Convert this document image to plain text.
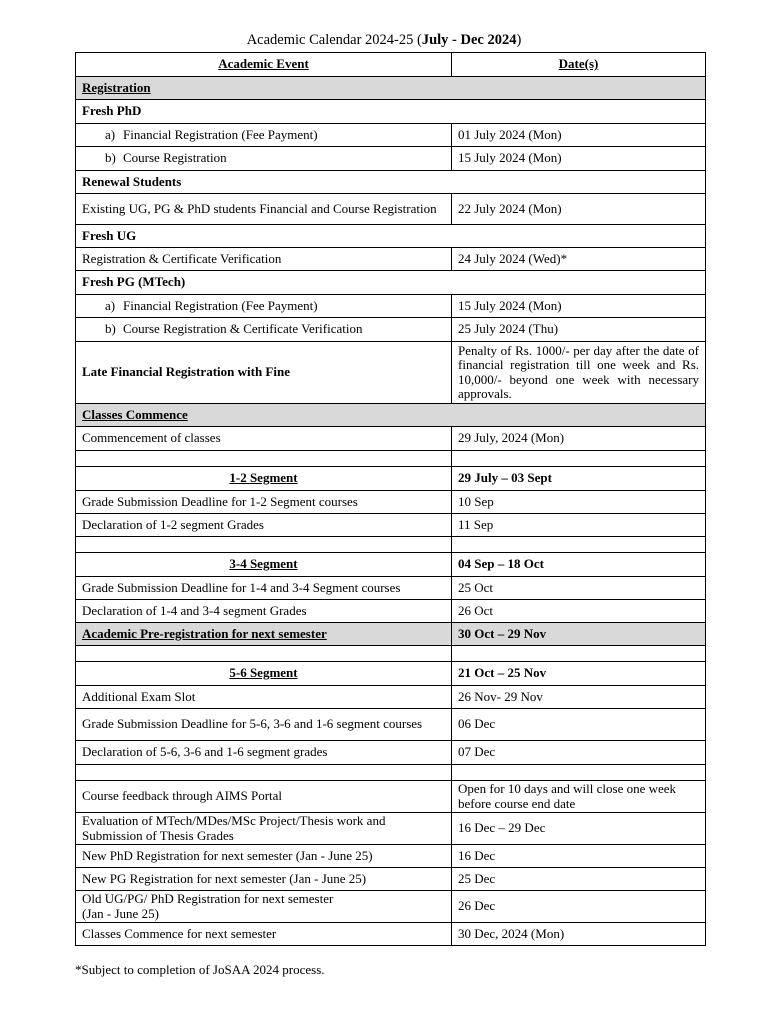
Academic Calendar 2024-25 (July - Dec 2024)
Academic Event	Date(s)
Registration	
Fresh PhD	
a) Financial Registration (Fee Payment)	01 July 2024 (Mon)
b) Course Registration	15 July 2024 (Mon)
Renewal Students	
Existing UG, PG & PhD students Financial and Course Registration	22 July 2024 (Mon)
Fresh UG	
Registration & Certificate Verification	24 July 2024 (Wed)*
Fresh PG (MTech)	
a) Financial Registration (Fee Payment)	15 July 2024 (Mon)
b) Course Registration & Certificate Verification	25 July 2024 (Thu)
Late Financial Registration with Fine	Penalty of Rs. 1000/- per day after the date of financial registration till one week and Rs. 10,000/- beyond one week with necessary approvals.
Classes Commence	
Commencement of classes	29 July, 2024 (Mon)

1-2 Segment	29 July – 03 Sept
Grade Submission Deadline for 1-2 Segment courses	10 Sep
Declaration of 1-2 segment Grades	11 Sep

3-4 Segment	04 Sep – 18 Oct
Grade Submission Deadline for 1-4 and 3-4 Segment courses	25 Oct
Declaration of 1-4 and 3-4 segment Grades	26 Oct
Academic Pre-registration for next semester	30 Oct – 29 Nov

5-6 Segment	21 Oct – 25 Nov
Additional Exam Slot	26 Nov- 29 Nov
Grade Submission Deadline for 5-6, 3-6 and 1-6 segment courses	06 Dec
Declaration of 5-6, 3-6 and 1-6 segment grades	07 Dec

Course feedback through AIMS Portal	Open for 10 days and will close one week before course end date
Evaluation of MTech/MDes/MSc Project/Thesis work and Submission of Thesis Grades	16 Dec – 29 Dec
New PhD Registration for next semester (Jan - June 25)	16 Dec
New PG Registration for next semester (Jan - June 25)	25 Dec
Old UG/PG/ PhD Registration for next semester
(Jan - June 25)	26 Dec
Classes Commence for next semester	30 Dec, 2024 (Mon)
*Subject to completion of JoSAA 2024 process.
